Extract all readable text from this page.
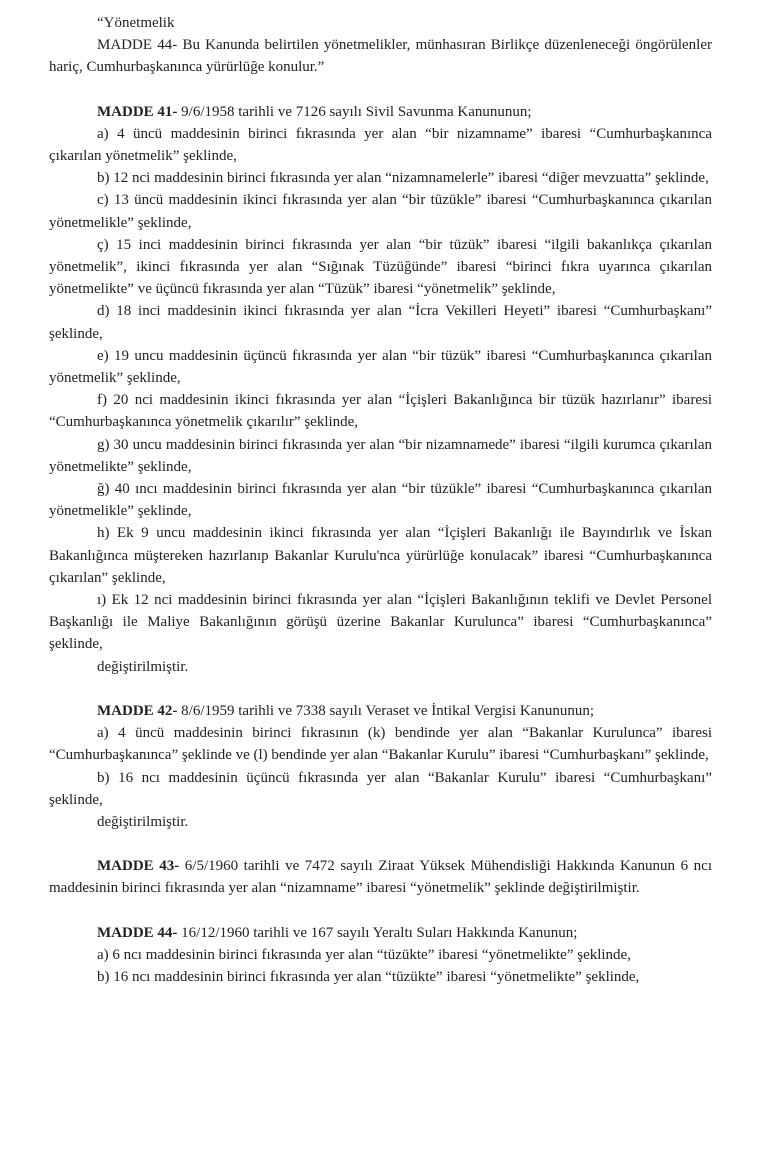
“Yönetmelik

MADDE 44- Bu Kanunda belirtilen yönetmelikler, münhasıran Birlikçe düzenleneceği öngörülenler hariç, Cumhurbaşkanınca yürürlüğe konulur.”

MADDE 41- 9/6/1958 tarihli ve 7126 sayılı Sivil Savunma Kanununun;

a) 4 üncü maddesinin birinci fıkrasında yer alan “bir nizamname” ibaresi “Cumhurbaşkanınca çıkarılan yönetmelik” şeklinde,

b) 12 nci maddesinin birinci fıkrasında yer alan “nizamnamelerle” ibaresi “diğer mevzuatta” şeklinde,

c) 13 üncü maddesinin ikinci fıkrasında yer alan “bir tüzükle” ibaresi “Cumhurbaşkanınca çıkarılan yönetmelikle” şeklinde,

ç) 15 inci maddesinin birinci fıkrasında yer alan “bir tüzük” ibaresi “ilgili bakanlıkça çıkarılan yönetmelik”, ikinci fıkrasında yer alan “Sığınak Tüzüğünde” ibaresi “birinci fıkra uyarınca çıkarılan yönetmelikte” ve üçüncü fıkrasında yer alan “Tüzük” ibaresi “yönetmelik” şeklinde,

d) 18 inci maddesinin ikinci fıkrasında yer alan “İcra Vekilleri Heyeti” ibaresi “Cumhurbaşkanı” şeklinde,

e) 19 uncu maddesinin üçüncü fıkrasında yer alan “bir tüzük” ibaresi “Cumhurbaşkanınca çıkarılan yönetmelik” şeklinde,

f) 20 nci maddesinin ikinci fıkrasında yer alan “İçişleri Bakanlığınca bir tüzük hazırlanır” ibaresi “Cumhurbaşkanınca yönetmelik çıkarılır” şeklinde,

g) 30 uncu maddesinin birinci fıkrasında yer alan “bir nizamnamede” ibaresi “ilgili kurumca çıkarılan yönetmelikte” şeklinde,

ğ) 40 ıncı maddesinin birinci fıkrasında yer alan “bir tüzükle” ibaresi “Cumhurbaşkanınca çıkarılan yönetmelikle” şeklinde,

h) Ek 9 uncu maddesinin ikinci fıkrasında yer alan “İçişleri Bakanlığı ile Bayındırlık ve İskan Bakanlığınca müştereken hazırlanıp Bakanlar Kurulu'nca yürürlüğe konulacak” ibaresi “Cumhurbaşkanınca çıkarılan” şeklinde,

ı) Ek 12 nci maddesinin birinci fıkrasında yer alan “İçişleri Bakanlığının teklifi ve Devlet Personel Başkanlığı ile Maliye Bakanlığının görüşü üzerine Bakanlar Kurulunca” ibaresi “Cumhurbaşkanınca” şeklinde,

değiştirilmiştir.

MADDE 42- 8/6/1959 tarihli ve 7338 sayılı Veraset ve İntikal Vergisi Kanununun;

a) 4 üncü maddesinin birinci fıkrasının (k) bendinde yer alan “Bakanlar Kurulunca” ibaresi “Cumhurbaşkanınca” şeklinde ve (l) bendinde yer alan “Bakanlar Kurulu” ibaresi “Cumhurbaşkanı” şeklinde,

b) 16 ncı maddesinin üçüncü fıkrasında yer alan “Bakanlar Kurulu” ibaresi “Cumhurbaşkanı” şeklinde,

değiştirilmiştir.

MADDE 43- 6/5/1960 tarihli ve 7472 sayılı Ziraat Yüksek Mühendisliği Hakkında Kanunun 6 ncı maddesinin birinci fıkrasında yer alan “nizamname” ibaresi “yönetmelik” şeklinde değiştirilmiştir.

MADDE 44- 16/12/1960 tarihli ve 167 sayılı Yeraltı Suları Hakkında Kanunun;

a) 6 ncı maddesinin birinci fıkrasında yer alan “tüzükte” ibaresi “yönetmelikte” şeklinde,

b) 16 ncı maddesinin birinci fıkrasında yer alan “tüzükte” ibaresi “yönetmelikte” şeklinde,
